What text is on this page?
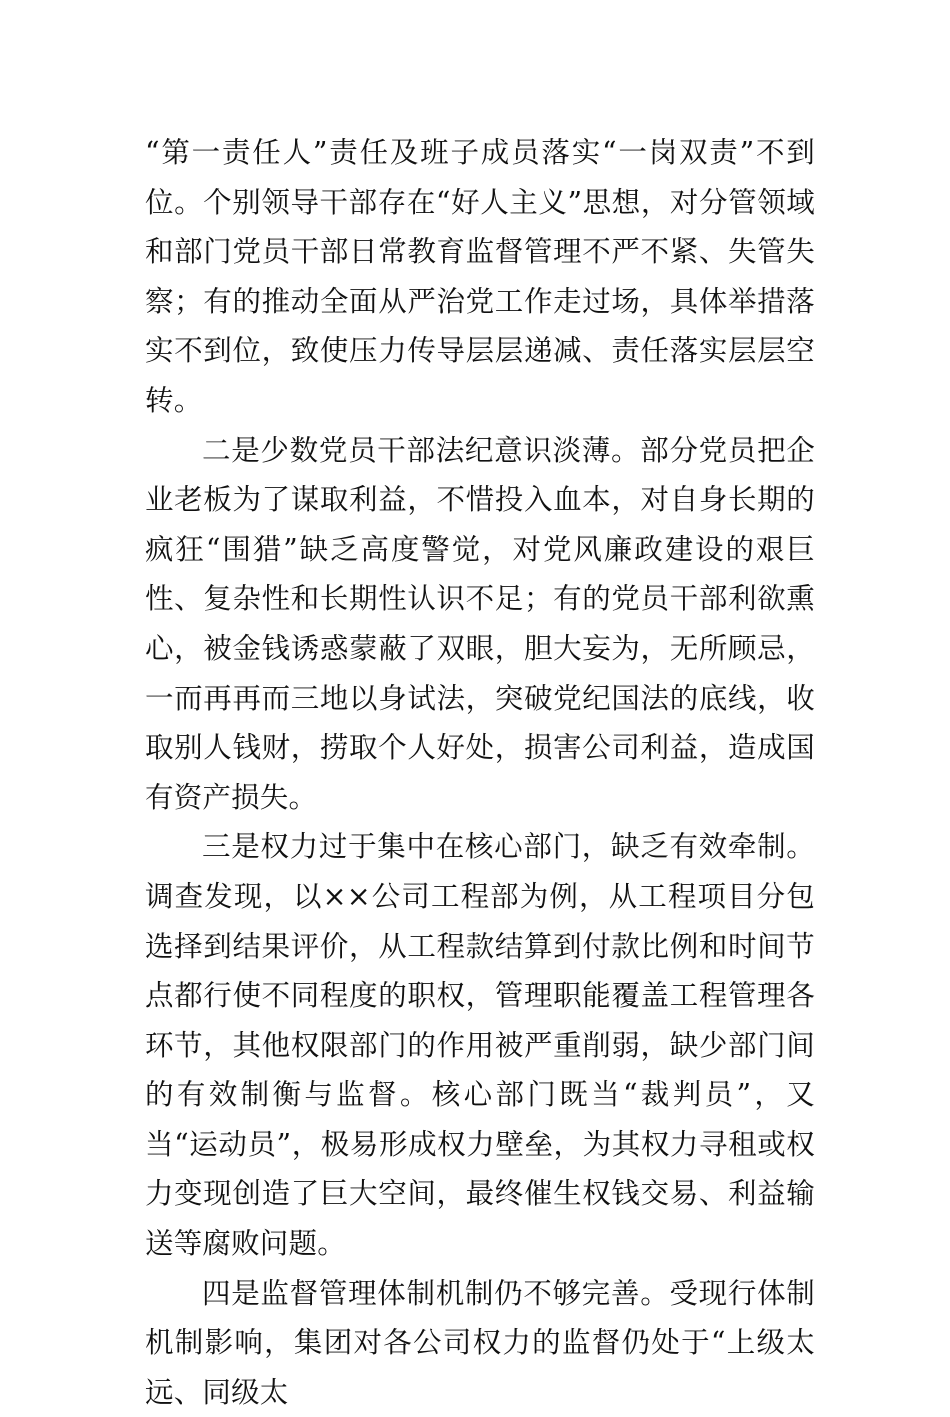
“第一责任人”责任及班子成员落实“一岗双责”不到位。个别领导干部存在“好人主义”思想，对分管领域和部门党员干部日常教育监督管理不严不紧、失管失察；有的推动全面从严治党工作走过场，具体举措落实不到位，致使压力传导层层递减、责任落实层层空转。

二是少数党员干部法纪意识淡薄。部分党员把企业老板为了谋取利益，不惜投入血本，对自身长期的疯狂“围猎”缺乏高度警觉，对党风廉政建设的艰巨性、复杂性和长期性认识不足；有的党员干部利欲熏心，被金钱诱惑蒙蔽了双眼，胆大妄为，无所顾忌，一而再再而三地以身试法，突破党纪国法的底线，收取别人钱财，捞取个人好处，损害公司利益，造成国有资产损失。

三是权力过于集中在核心部门，缺乏有效牵制。调查发现，以××公司工程部为例，从工程项目分包选择到结果评价，从工程款结算到付款比例和时间节点都行使不同程度的职权，管理职能覆盖工程管理各环节，其他权限部门的作用被严重削弱，缺少部门间的有效制衡与监督。核心部门既当“裁判员”，又当“运动员”，极易形成权力壁垒，为其权力寻租或权力变现创造了巨大空间，最终催生权钱交易、利益输送等腐败问题。

四是监督管理体制机制仍不够完善。受现行体制机制影响，集团对各公司权力的监督仍处于“上级太远、同级太
